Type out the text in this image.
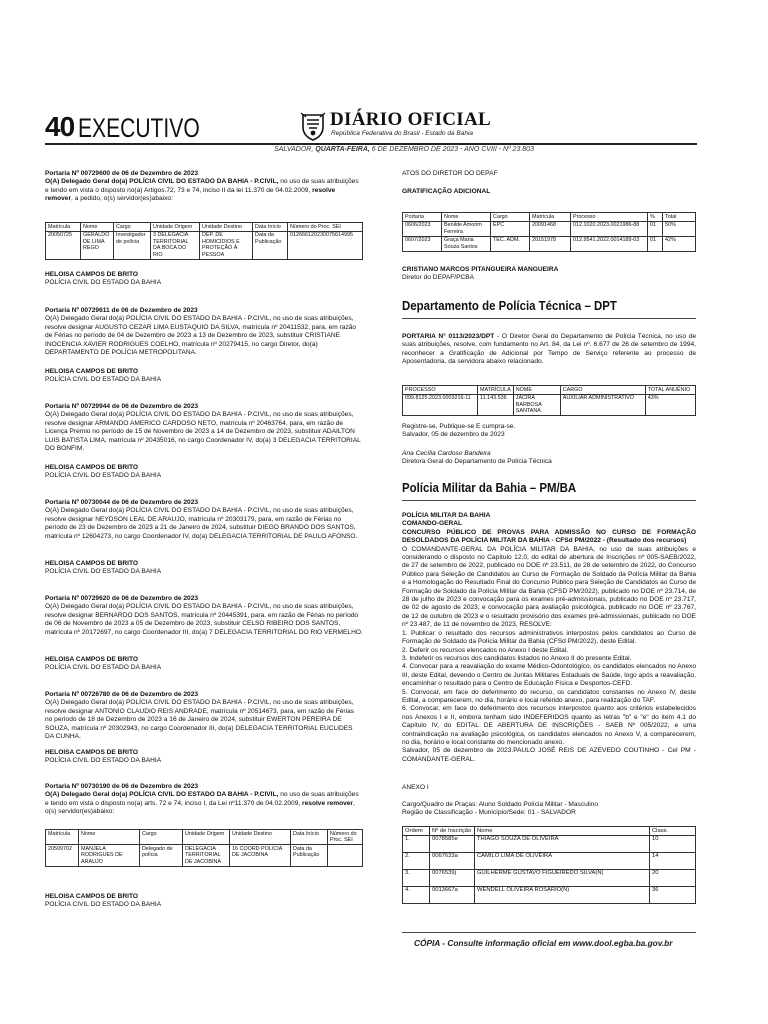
40 EXECUTIVO	DIÁRIO OFICIAL
República Federativa do Brasil - Estado da Bahia
SALVADOR, QUARTA-FEIRA, 6 DE DEZEMBRO DE 2023 - ANO CVIII - Nº 23.803
Portaria Nº 00729600 de 06 de Dezembro de 2023
O(A) Delegado Geral do(a) POLÍCIA CIVIL DO ESTADO DA BAHIA - P.CIVIL, no uso de suas atribuições e tendo em vista o disposto no(a) Artigos.72, 73 e 74, inciso II da lei 11.370 de 04.02.2009, resolve remover, a pedido, o(s) servidor(es)abaixo:
Matrícula	Nome	Cargo	Unidade Origem	Unidade Destino	Data Início	Número do Proc. SEI
20050725	GERALDO DE LIMA REGO	Investigador de polícia	3 DELEGACIA TERRITORIAL DA BOCA DO RIO	DEP. DE HOMICÍDIOS E PROTEÇÃO À PESSOA	Data da Publicação	012666120230075614995
HELOISA CAMPOS DE BRITO
POLÍCIA CIVIL DO ESTADO DA BAHIA
Portaria Nº 00729611 de 06 de Dezembro de 2023
O(A) Delegado Geral do(a) POLÍCIA CIVIL DO ESTADO DA BAHIA - P.CIVIL, no uso de suas atribuições, resolve designar AUGUSTO CEZAR LIMA EUSTAQUIO DA SILVA, matrícula nº 20411532, para, em razão de Férias no período de 04 de Dezembro de 2023 a 13 de Dezembro de 2023, substituir CRISTIANE INOCENCIA XAVIER RODRIGUES COELHO, matrícula nº 20279415, no cargo Diretor, do(a) DEPARTAMENTO DE POLÍCIA METROPOLITANA.
HELOISA CAMPOS DE BRITO
POLÍCIA CIVIL DO ESTADO DA BAHIA
Portaria Nº 00729944 de 06 de Dezembro de 2023
O(A) Delegado Geral do(a) POLÍCIA CIVIL DO ESTADO DA BAHIA - P.CIVIL, no uso de suas atribuições, resolve designar ARMANDO AMERICO CARDOSO NETO, matrícula nº 20463764, para, em razão de Licença Premio no período de 15 de Novembro de 2023 a 14 de Dezembro de 2023, substituir ADAILTON LUIS BATISTA LIMA, matrícula nº 20435016, no cargo Coordenador IV, do(a) 3 DELEGACIA TERRITORIAL DO BONFIM.
HELOISA CAMPOS DE BRITO
POLÍCIA CIVIL DO ESTADO DA BAHIA
Portaria Nº 00730044 de 06 de Dezembro de 2023
O(A) Delegado Geral do(a) POLÍCIA CIVIL DO ESTADO DA BAHIA - P.CIVIL, no uso de suas atribuições, resolve designar NEYDSON LEAL DE ARAUJO, matrícula nº 20303179, para, em razão de Férias no período de 23 de Dezembro de 2023 a 21 de Janeiro de 2024, substituir DIEGO BRANDO DOS SANTOS, matrícula nº 12604273, no cargo Coordenador IV, do(a) DELEGACIA TERRITORIAL DE PAULO AFONSO.
HELOISA CAMPOS DE BRITO
POLÍCIA CIVIL DO ESTADO DA BAHIA
Portaria Nº 00729620 de 06 de Dezembro de 2023
O(A) Delegado Geral do(a) POLÍCIA CIVIL DO ESTADO DA BAHIA - P.CIVIL, no uso de suas atribuições, resolve designar BERNARDO DOS SANTOS, matrícula nº 20445391, para, em razão de Férias no período de 06 de Novembro de 2023 a 05 de Dezembro de 2023, substituir CELSO RIBEIRO DOS SANTOS, matrícula nº 20172697, no cargo Coordenador III, do(a) 7 DELEGACIA TERRITORIAL DO RIO VERMELHO.
HELOISA CAMPOS DE BRITO
POLÍCIA CIVIL DO ESTADO DA BAHIA
Portaria Nº 00726780 de 06 de Dezembro de 2023
O(A) Delegado Geral do(a) POLÍCIA CIVIL DO ESTADO DA BAHIA - P.CIVIL, no uso de suas atribuições, resolve designar ANTONIO CLAUDIO REIS ANDRADE, matrícula nº 20514673, para, em razão de Férias no período de 18 de Dezembro de 2023 a 16 de Janeiro de 2024, substituir EWERTON PEREIRA DE SOUZA, matrícula nº 20302943, no cargo Coordenador III, do(a) DELEGACIA TERRITORIAL EUCLIDES DA CUNHA.
HELOISA CAMPOS DE BRITO
POLÍCIA CIVIL DO ESTADO DA BAHIA
Portaria Nº 00730190 de 06 de Dezembro de 2023
O(A) Delegado Geral do(a) POLÍCIA CIVIL DO ESTADO DA BAHIA - P.CIVIL, no uso de suas atribuições e tendo em vista o disposto no(a) arts. 72 e 74, inciso I, da Lei nº11.370 de 04.02.2009, resolve remover, o(s) servidor(es)abaixo:
Matrícula	Nome	Cargo	Unidade Origem	Unidade Destino	Data Início	Número do Proc. SEI
20509702	MANJELA RODRIGUES DE ARAUJO	Delegado de polícia	DELEGACIA TERRITORIAL DE JACOBINA	16 COORD POLICIA DE JACOBINA	Data da Publicação	
HELOISA CAMPOS DE BRITO
POLÍCIA CIVIL DO ESTADO DA BAHIA
ATOS DO DIRETOR DO DEPAF
GRATIFICAÇÃO ADICIONAL
Portaria	Nome	Cargo	Matrícula	Processo	%	Total
0606/2023	Benilde Amorim Ferreira	EPC	20091468	012.1020.2023.0021986-88	01	50%
0607/2023	Graça Maria Souza Santos	TEC. ADM.	20151978	012.9541.2022.0014189-03	01	42%
CRISTIANO MARCOS PITANGUEIRA MANGUEIRA
Diretor do DEPAF/PCBA
Departamento de Polícia Técnica – DPT
PORTARIA N° 0113/2023/DPT - O Diretor Geral do Departamento de Polícia Técnica, no uso de suas atribuições, resolve, com fundamento no Art. 84, da Lei nº. 6.677 de 26 de setembro de 1994, reconhecer a Gratificação de Adicional por Tempo de Serviço referente ao processo de Aposentadoria, da servidora abaixo relacionado.
PROCESSO	MATRÍCULA	NOME	CARGO	TOTAL ANUÊNIO
099.8125.2023.0003216-11	11.143.536	JACIRA BARBOSA SANTANA	AUXILIAR ADMINISTRATIVO	43%
Registre-se, Publique-se E cumpra-se.
Salvador, 05 de dezembro de 2023
Ana Cecília Cardoso Bandeira
Diretora Geral do Departamento de Polícia Técnica
Polícia Militar da Bahia – PM/BA
POLÍCIA MILITAR DA BAHIA
COMANDO-GERAL
CONCURSO PÚBLICO DE PROVAS PARA ADMISSÃO NO CURSO DE FORMAÇÃO DESOLDADOS DA POLÍCIA MILITAR DA BAHIA - CFSd PM/2022 - (Resultado dos recursos)
O COMANDANTE-GERAL DA POLÍCIA MILITAR DA BAHIA, no uso de suas atribuições e considerando o disposto no Capítulo 12.0, do edital de abertura de Inscrições nº 005-SAEB/2022, de 27 de setembro de 2022, publicado no DOE nº 23.511, de 28 de setembro de 2022, do Concurso Público para Seleção de Candidatos ao Curso de Formação de Soldado da Polícia Militar da Bahia e a Homologação do Resultado Final do Concurso Público para Seleção de Candidatos ao Curso de Formação de Soldado da Polícia Militar da Bahia (CFSD PM/2022), publicado no DOE nº 23.714, de 28 de julho de 2023 e convocação para os exames pré-admissionais, publicado no DOE nº 23.717, de 02 de agosto de 2023, e convocação para avaliação psicológica, publicado no DOE nº 23.767, de 12 de outubro de 2023 e o resultado provisório dos exames pré-admissionais, publicado no DOE nº 23.487, de 11 de novembro de 2023, RESOLVE:
1. Publicar o resultado dos recursos administrativos interpostos pelos candidatos ao Curso de Formação de Soldado da Polícia Militar da Bahia (CFSd PM/2022), deste Edital.
2. Deferir os recursos elencados no Anexo I deste Edital.
3. Indeferir os recursos dos candidatos listados no Anexo II do presente Edital.
4. Convocar para a reavaliação do exame Médico-Odontológico, os candidatos elencados no Anexo III, deste Edital, devendo o Centro de Juntas Militares Estaduais de Saúde, logo após a reavaliação, encaminhar o resultado para o Centro de Educação Física e Desportos-CEFD.
5. Convocar, em face do deferimento do recurso, os candidatos constantes no Anexo IV, deste Edital, a comparecerem, no dia, horário e local referido anexo, para realização do TAF.
6. Convocar, em face do deferimento dos recursos interpostos quanto aos critérios estabelecidos nos Anexos I e II, embora tenham sido INDEFERIDOS quanto as letras "b" e "e" do item 4.1 do Capítulo IV, do EDITAL DE ABERTURA DE INSCRIÇÕES - SAEB Nº 005/2022, e uma contraindicação na avaliação psicológica, os candidatos elencados no Anexo V, a comparecerem, no dia, horário e local constante do mencionado anexo.
Salvador, 05 de dezembro de 2023.PAULO JOSÉ REIS DE AZEVEDO COUTINHO - Cel PM - COMANDANTE-GERAL.
ANEXO I
Cargo/Quadro de Praças: Aluno Soldado Polícia Militar - Masculino
Região de Classificação - Município/Sede: 01 - SALVADOR
Ordem	Nº de Inscrição	Nome	Class.
1.	0078585e	THIAGO SOUZA DE OLIVEIRA	10
2.	0067633a	CAMILO LIMA DE OLIVEIRA	14
3.	0076539j	GUILHERME GUSTAVO FIGUEIREDO SILVA(N)	20
4.	0013667a	WENDELL OLIVEIRA ROSARIO(N)	36
CÓPIA - Consulte informação oficial em www.dool.egba.ba.gov.br
